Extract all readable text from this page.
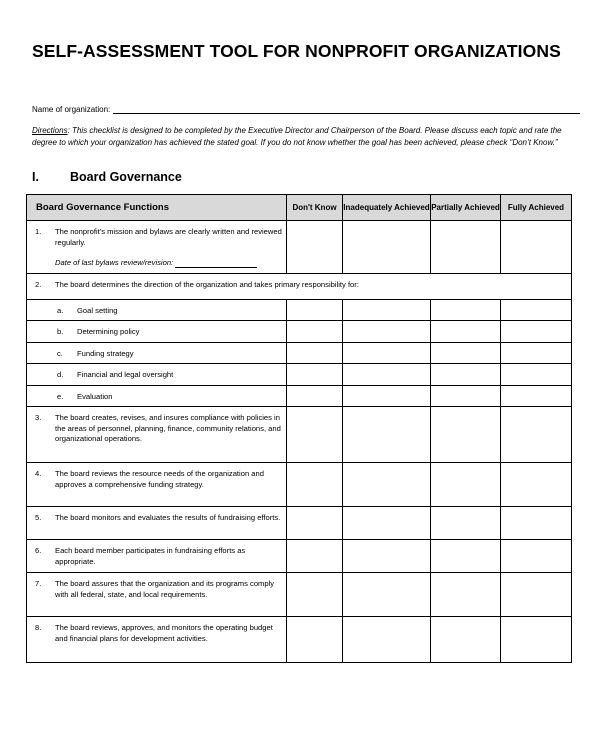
SELF-ASSESSMENT TOOL FOR NONPROFIT ORGANIZATIONS
Name of organization:
Directions: This checklist is designed to be completed by the Executive Director and Chairperson of the Board. Please discuss each topic and rate the degree to which your organization has achieved the stated goal. If you do not know whether the goal has been achieved, please check “Don’t Know.”
I. Board Governance
Board Governance Functions	Don't Know	Inadequately Achieved	Partially Achieved	Fully Achieved

1. The nonprofit's mission and bylaws are clearly written and reviewed regularly.
Date of last bylaws review/revision:				

2. The board determines the direction of the organization and takes primary responsibility for:				

a. Goal setting				

b. Determining policy				

c. Funding strategy				

d. Financial and legal oversight				

e. Evaluation				

3. The board creates, revises, and insures compliance with policies in the areas of personnel, planning, finance, community relations, and organizational operations.				

4. The board reviews the resource needs of the organization and approves a comprehensive funding strategy.				

5. The board monitors and evaluates the results of fundraising efforts.				

6. Each board member participates in fundraising efforts as appropriate.				

7. The board assures that the organization and its programs comply with all federal, state, and local requirements.				

8. The board reviews, approves, and monitors the operating budget and financial plans for development activities.				
